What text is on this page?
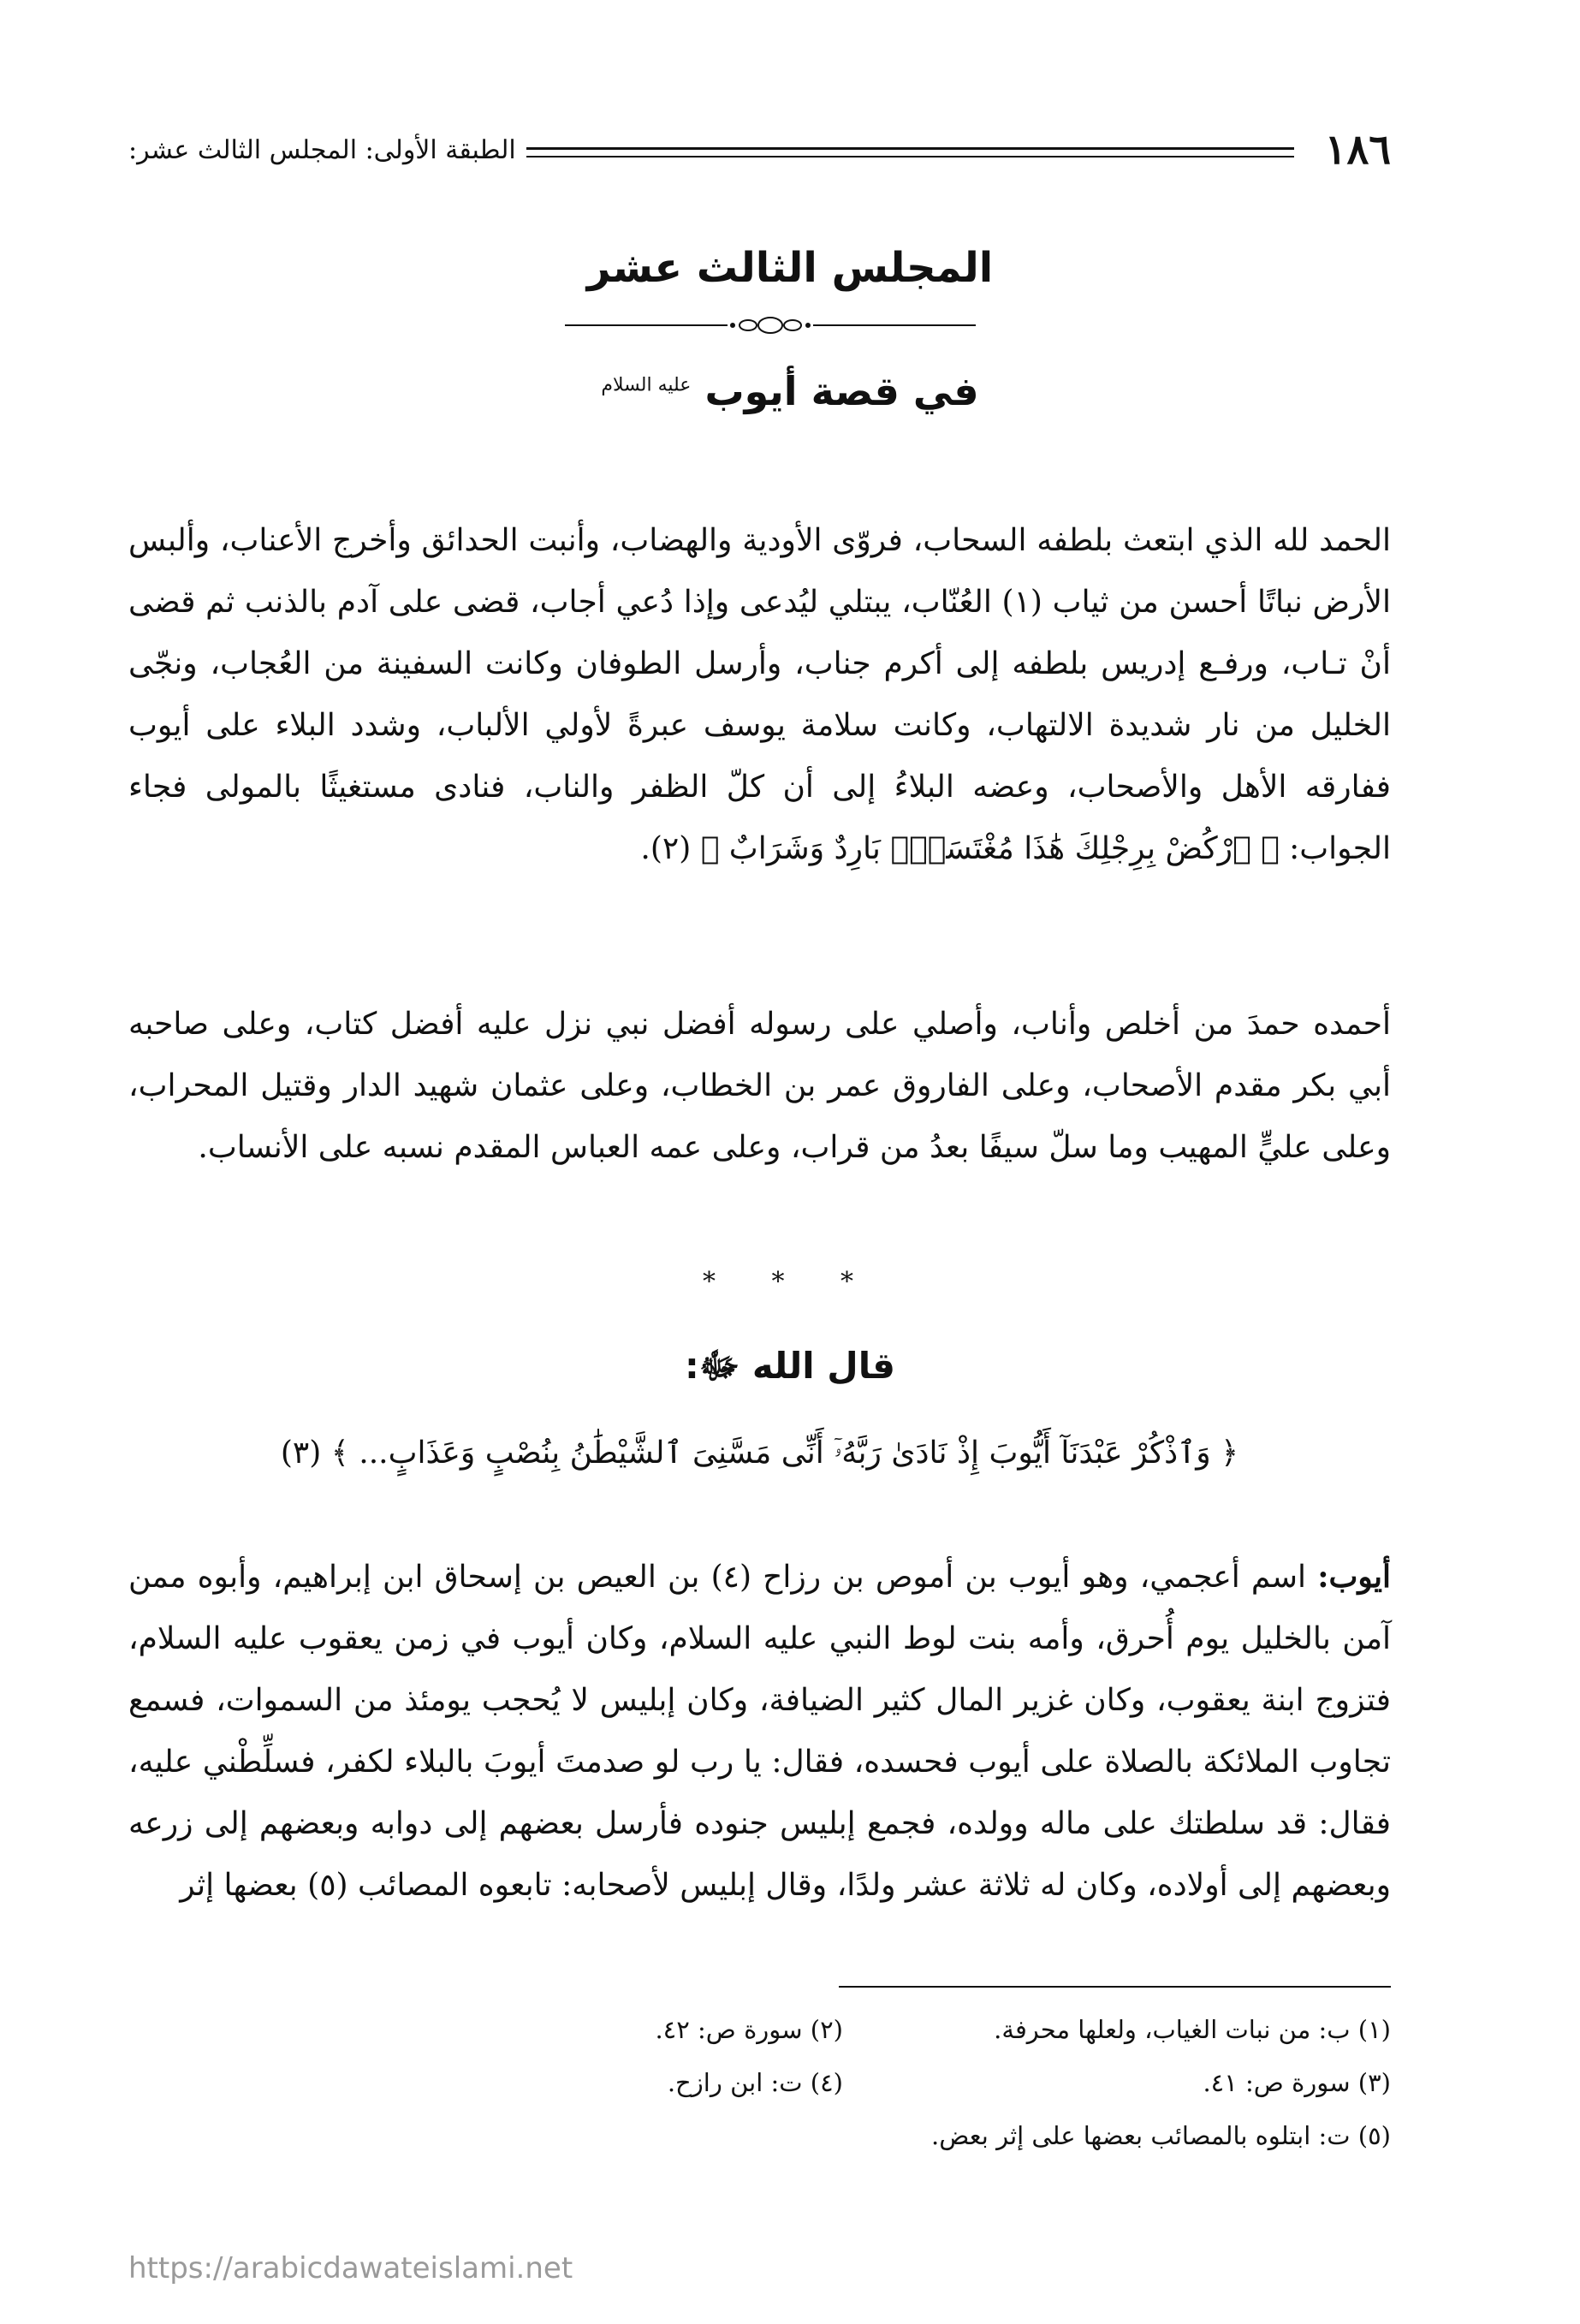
١٨٦
الطبقة الأولى: المجلس الثالث عشر:
المجلس الثالث عشر
في قصة أيوب $^{عليه السلام}$

الحمد لله الذي ابتعث بلطفه السحاب، فروّى الأودية والهضاب، وأنبت الحدائق وأخرج الأعناب، وألبس الأرض نباتًا أحسن من ثياب (١) العُنّاب، يبتلي ليُدعى وإذا دُعي أجاب، قضى على آدم بالذنب ثم قضى أنْ تـاب، ورفـع إدريس بلطفه إلى أكرم جناب، وأرسل الطوفان وكانت السفينة من العُجاب، ونجّى الخليل من نار شديدة الالتهاب، وكانت سلامة يوسف عبرةً لأولي الألباب، وشدد البلاء على أيوب ففارقه الأهل والأصحاب، وعضه البلاءُ إلى أن كلّ الظفر والناب، فنادى مستغيثًا بالمولى فجاء الجواب: ﴿ ٱرْكُضْ بِرِجْلِكَ هَٰذَا مُغْتَسَلٌۢ بَارِدٌ وَشَرَابٌ ﴾ (٢).

أحمده حمدَ من أخلص وأناب، وأصلي على رسوله أفضل نبي نزل عليه أفضل كتاب، وعلى صاحبه أبي بكر مقدم الأصحاب، وعلى الفاروق عمر بن الخطاب، وعلى عثمان شهيد الدار وقتيل المحراب، وعلى عليٍّ المهيب وما سلّ سيفًا بعدُ من قراب، وعلى عمه العباس المقدم نسبه على الأنساب.

* * *
قال الله ﷻ:
﴿ وَٱذْكُرْ عَبْدَنَآ أَيُّوبَ إِذْ نَادَىٰ رَبَّهُۥٓ أَنِّى مَسَّنِىَ ٱلشَّيْطَٰنُ بِنُصْبٍ وَعَذَابٍ... ﴾ (٣)

أيوب: اسم أعجمي، وهو أيوب بن أموص بن رزاح (٤) بن العيص بن إسحاق ابن إبراهيم، وأبوه ممن آمن بالخليل يوم أُحرق، وأمه بنت لوط النبي عليه السلام، وكان أيوب في زمن يعقوب عليه السلام، فتزوج ابنة يعقوب، وكان غزير المال كثير الضيافة، وكان إبليس لا يُحجب يومئذ من السموات، فسمع تجاوب الملائكة بالصلاة على أيوب فحسده، فقال: يا رب لو صدمتَ أيوبَ بالبلاء لكفر، فسلِّطْني عليه، فقال: قد سلطتك على ماله وولده، فجمع إبليس جنوده فأرسل بعضهم إلى دوابه وبعضهم إلى زرعه وبعضهم إلى أولاده، وكان له ثلاثة عشر ولدًا، وقال إبليس لأصحابه: تابعوه المصائب (٥) بعضها إثر

(١) ب: من نبات الغياب، ولعلها محرفة.
(٢) سورة ص: ٤٢.
(٣) سورة ص: ٤١.
(٤) ت: ابن رازح.
(٥) ت: ابتلوه بالمصائب بعضها على إثر بعض.
https://arabicdawateislami.net
